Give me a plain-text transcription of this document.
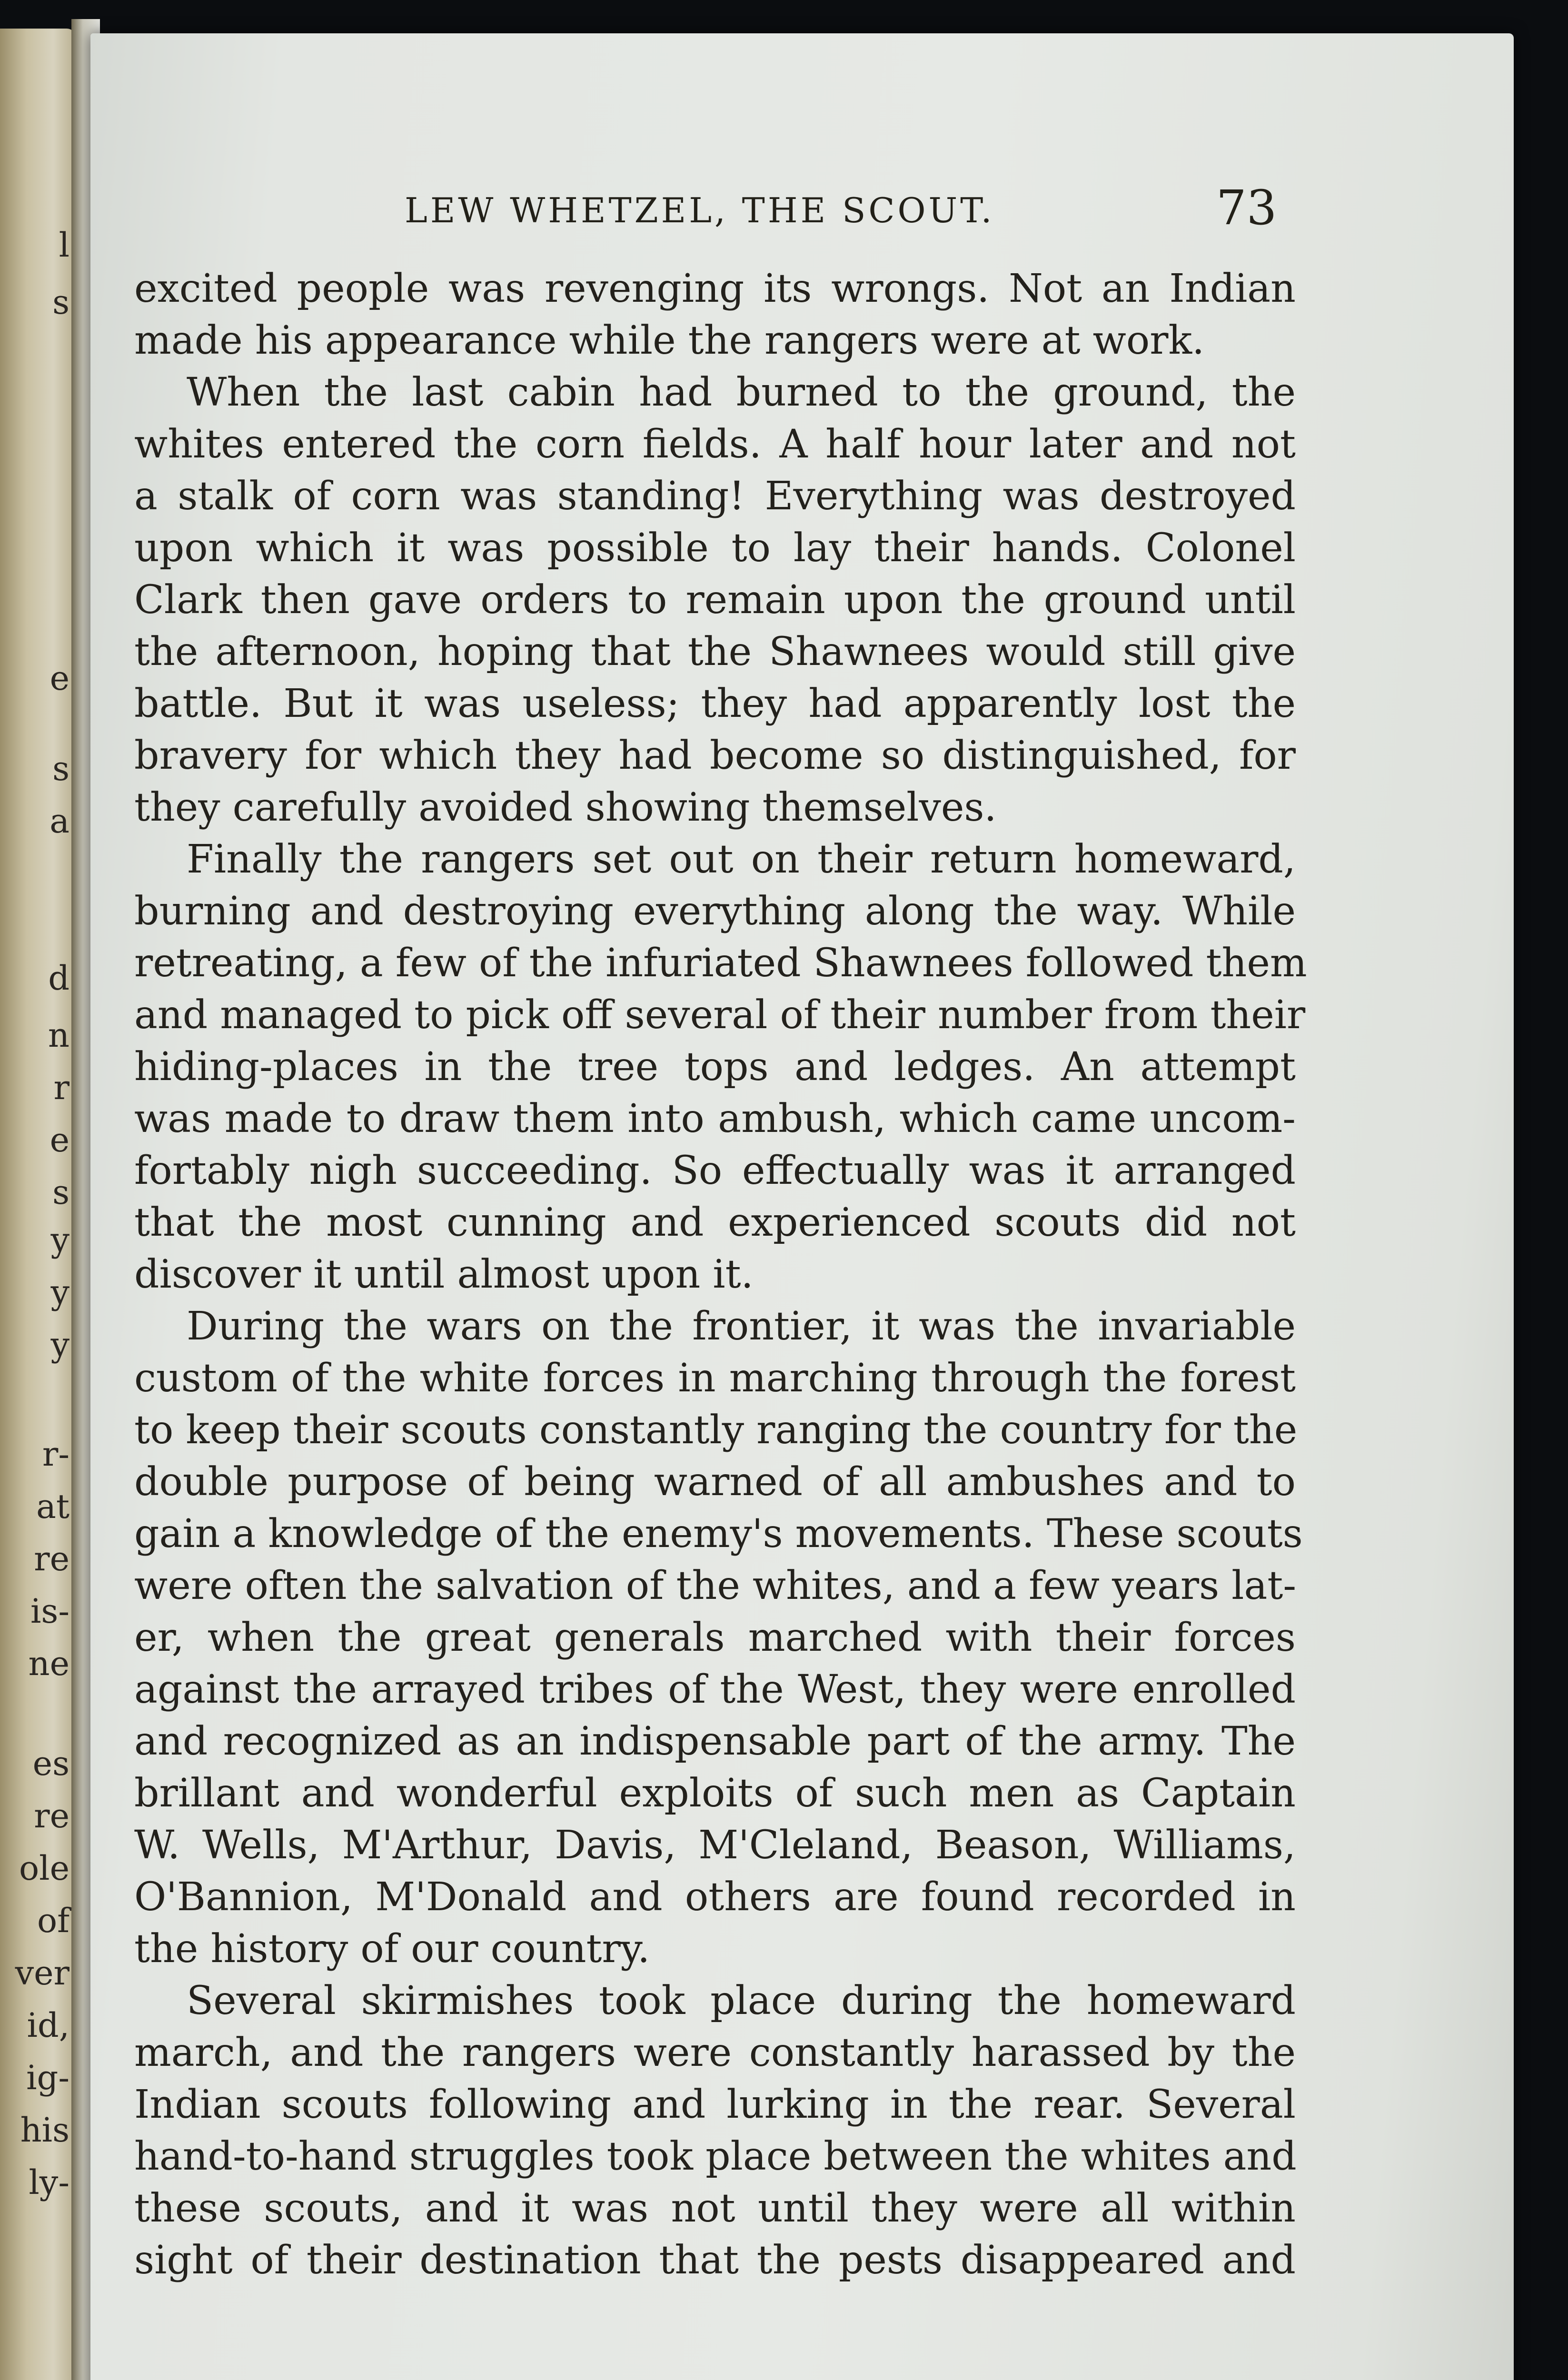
l
s
e
s
a
d
n
r
e
s
y
y
y
r-
at
re
is-
ne
es
re
ole
of
ver
id,
ig-
his
ly-
LEW WHETZEL, THE SCOUT.	73
excited people was revenging its wrongs. Not an Indian
made his appearance while the rangers were at work.
When the last cabin had burned to the ground, the
whites entered the corn fields. A half hour later and not
a stalk of corn was standing! Everything was destroyed
upon which it was possible to lay their hands. Colonel
Clark then gave orders to remain upon the ground until
the afternoon, hoping that the Shawnees would still give
battle. But it was useless; they had apparently lost the
bravery for which they had become so distinguished, for
they carefully avoided showing themselves.
Finally the rangers set out on their return homeward,
burning and destroying everything along the way. While
retreating, a few of the infuriated Shawnees followed them
and managed to pick off several of their number from their
hiding-places in the tree tops and ledges. An attempt
was made to draw them into ambush, which came uncom-
fortably nigh succeeding. So effectually was it arranged
that the most cunning and experienced scouts did not
discover it until almost upon it.
During the wars on the frontier, it was the invariable
custom of the white forces in marching through the forest
to keep their scouts constantly ranging the country for the
double purpose of being warned of all ambushes and to
gain a knowledge of the enemy's movements. These scouts
were often the salvation of the whites, and a few years lat-
er, when the great generals marched with their forces
against the arrayed tribes of the West, they were enrolled
and recognized as an indispensable part of the army. The
brillant and wonderful exploits of such men as Captain
W. Wells, M'Arthur, Davis, M'Cleland, Beason, Williams,
O'Bannion, M'Donald and others are found recorded in
the history of our country.
Several skirmishes took place during the homeward
march, and the rangers were constantly harassed by the
Indian scouts following and lurking in the rear. Several
hand-to-hand struggles took place between the whites and
these scouts, and it was not until they were all within
sight of their destination that the pests disappeared and
